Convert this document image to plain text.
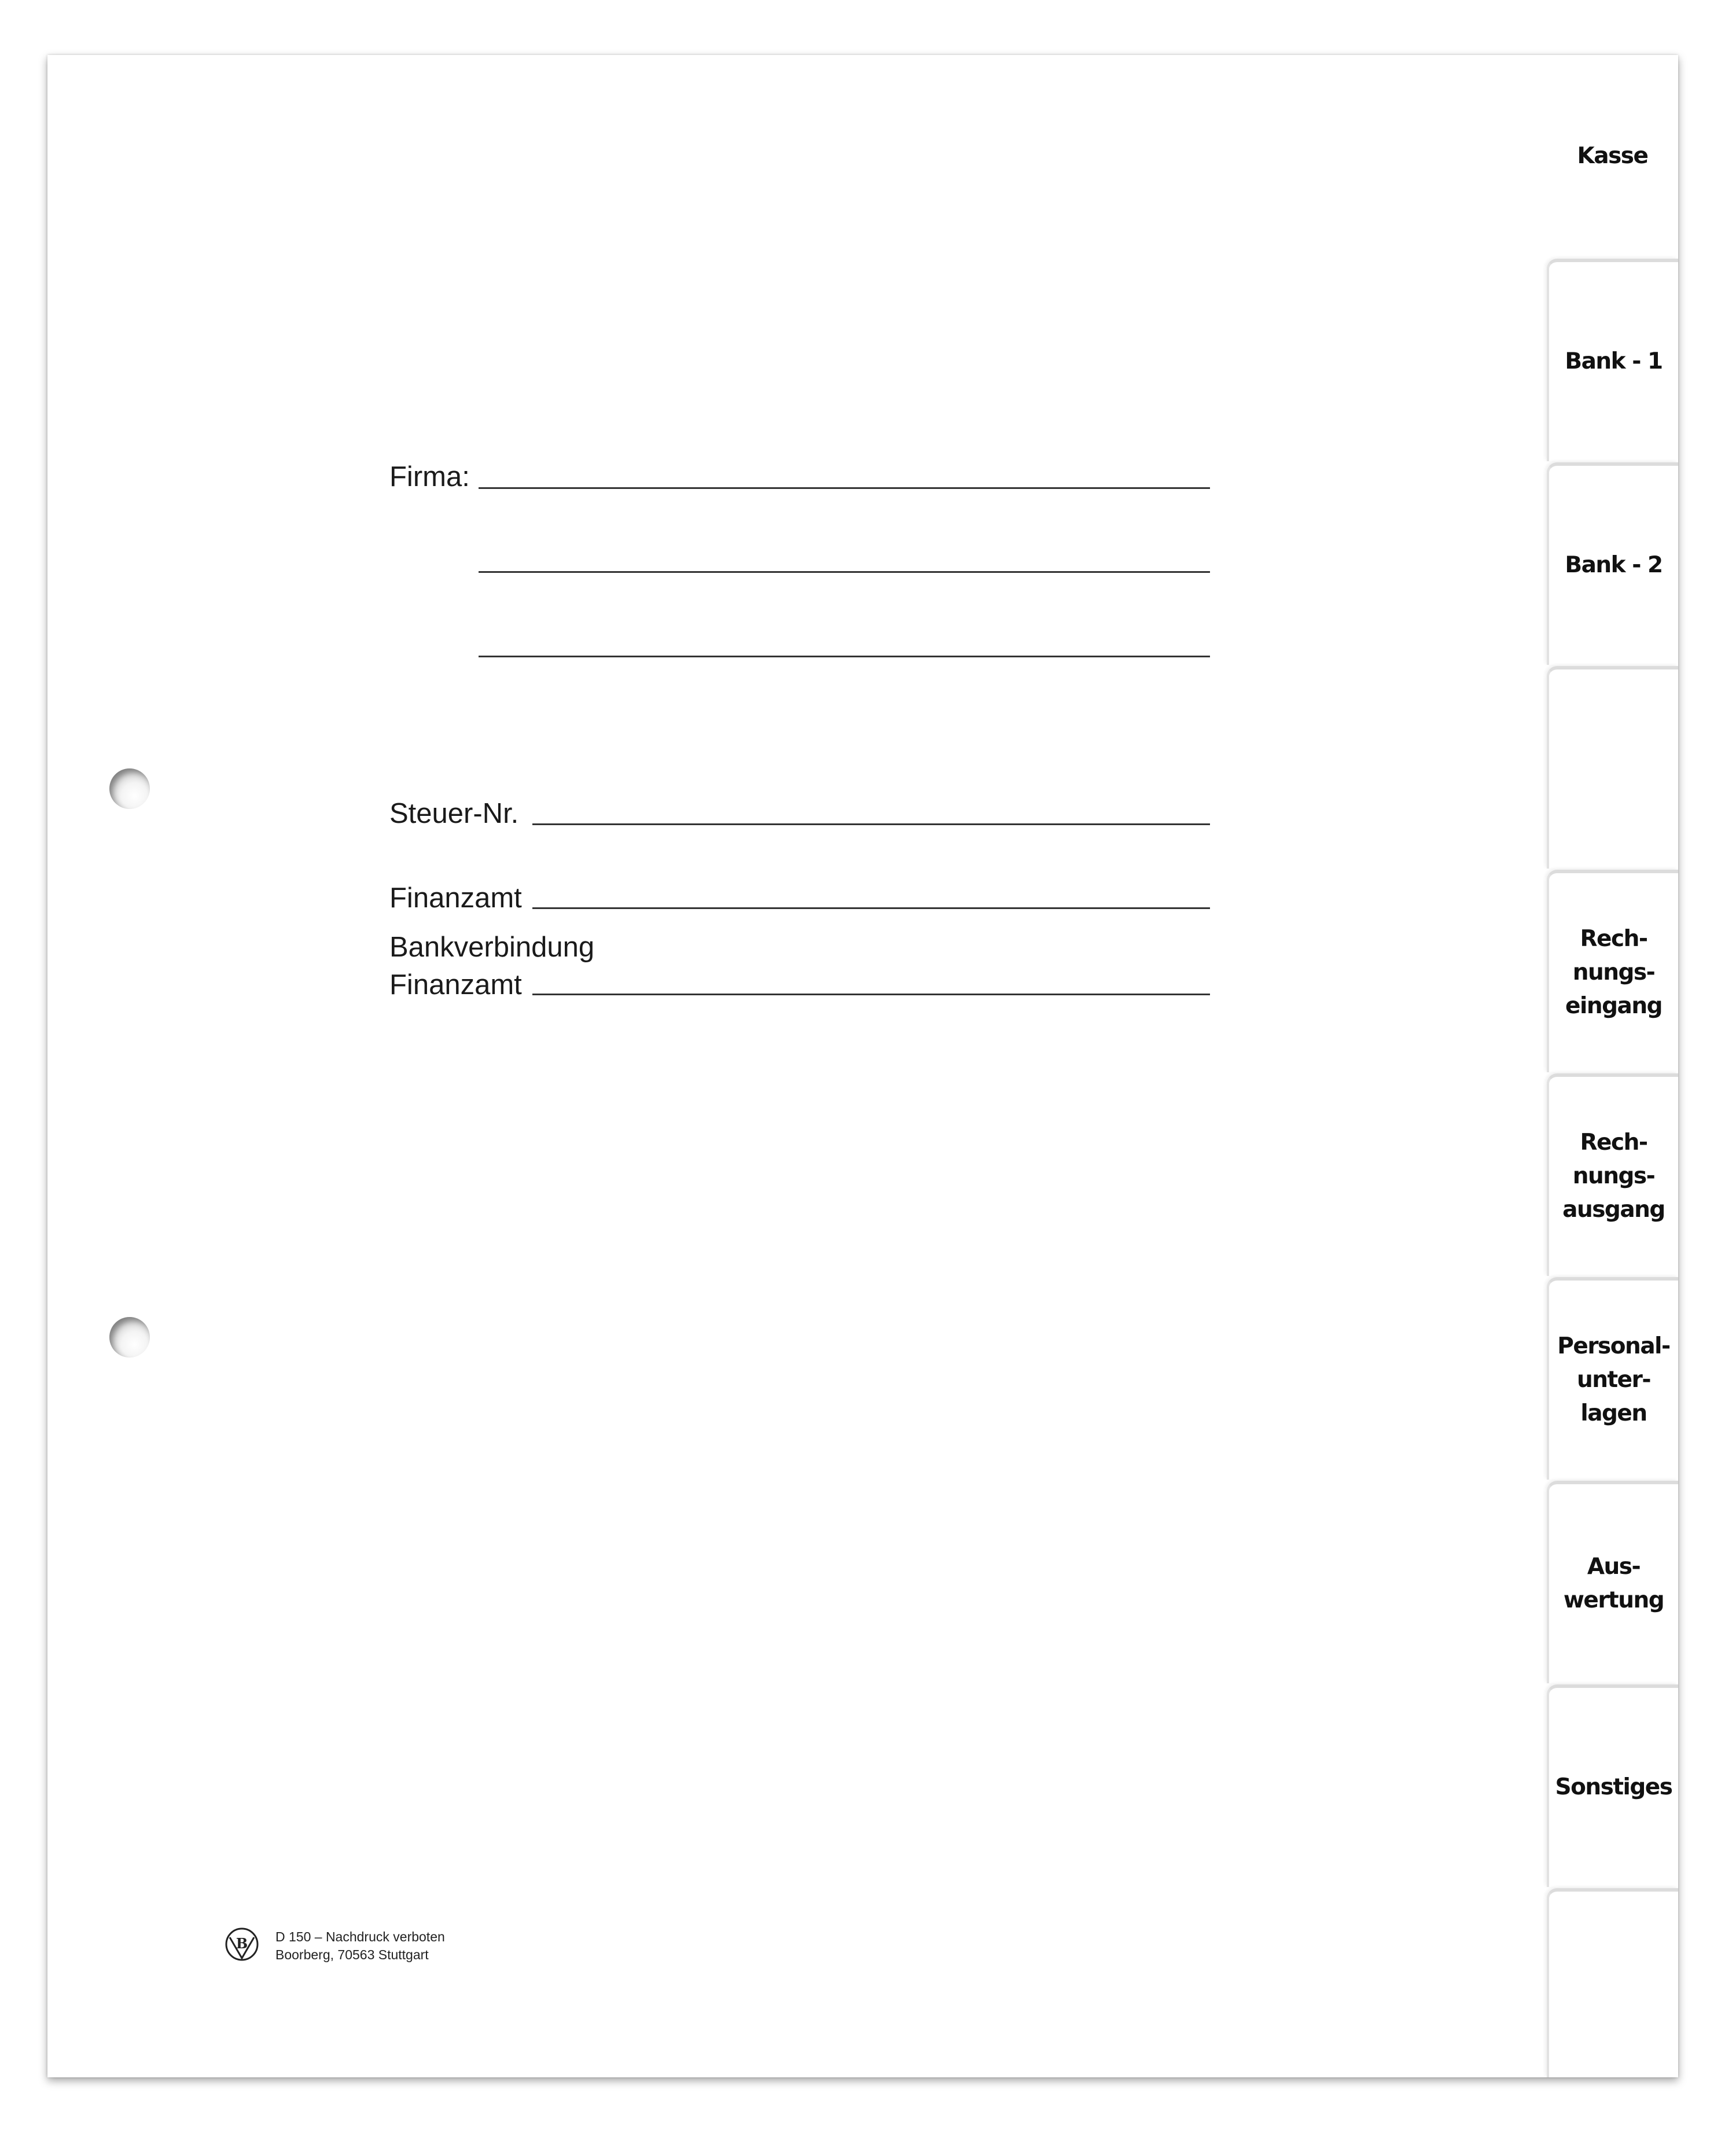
Firma:
Steuer-Nr.
Finanzamt
Bankverbindung
Finanzamt
Kasse
Bank - 1
Bank - 2
Rech-
nungs-
eingang
Rech-
nungs-
ausgang
Personal-
unter-
lagen
Aus-
wertung
Sonstiges
B D 150 – Nachdruck verboten
Boorberg, 70563 Stuttgart
